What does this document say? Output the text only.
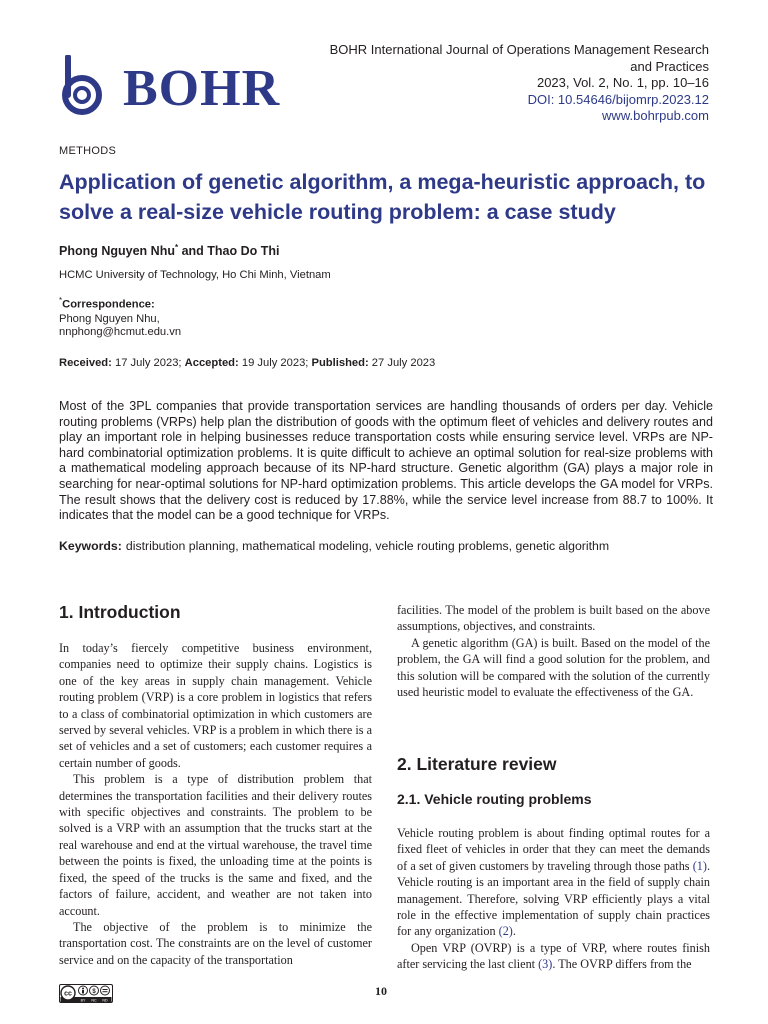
BOHR
BOHR International Journal of Operations Management Research
and Practices
2023, Vol. 2, No. 1, pp. 10–16
DOI: 10.54646/bijomrp.2023.12
www.bohrpub.com
METHODS
Application of genetic algorithm, a mega-heuristic approach, to solve a real-size vehicle routing problem: a case study
Phong Nguyen Nhu* and Thao Do Thi
HCMC University of Technology, Ho Chi Minh, Vietnam
*Correspondence:
Phong Nguyen Nhu,
nnphong@hcmut.edu.vn
Received: 17 July 2023; Accepted: 19 July 2023; Published: 27 July 2023
Most of the 3PL companies that provide transportation services are handling thousands of orders per day. Vehicle routing problems (VRPs) help plan the distribution of goods with the optimum fleet of vehicles and delivery routes and play an important role in helping businesses reduce transportation costs while ensuring service level. VRPs are NP-hard combinatorial optimization problems. It is quite difficult to achieve an optimal solution for real-size problems with a mathematical modeling approach because of its NP-hard structure. Genetic algorithm (GA) plays a major role in searching for near-optimal solutions for NP-hard optimization problems. This article develops the GA model for VRPs. The result shows that the delivery cost is reduced by 17.88%, while the service level increase from 88.7 to 100%. It indicates that the model can be a good technique for VRPs.
Keywords: distribution planning, mathematical modeling, vehicle routing problems, genetic algorithm
1. Introduction

In today’s fiercely competitive business environment, companies need to optimize their supply chains. Logistics is one of the key areas in supply chain management. Vehicle routing problem (VRP) is a core problem in logistics that refers to a class of combinatorial optimization in which customers are served by several vehicles. VRP is a problem in which there is a set of vehicles and a set of customers; each customer requires a certain number of goods.

This problem is a type of distribution problem that determines the transportation facilities and their delivery routes with specific objectives and constraints. The problem to be solved is a VRP with an assumption that the trucks start at the real warehouse and end at the virtual warehouse, the travel time between the points is fixed, the unloading time at the points is fixed, the speed of the trucks is the same and fixed, and the factors of failure, accident, and weather are not taken into account.

The objective of the problem is to minimize the transportation cost. The constraints are on the level of customer service and on the capacity of the transportation

facilities. The model of the problem is built based on the above assumptions, objectives, and constraints.

A genetic algorithm (GA) is built. Based on the model of the problem, the GA will find a good solution for the problem, and this solution will be compared with the solution of the currently used heuristic model to evaluate the effectiveness of the GA.

2. Literature review
2.1. Vehicle routing problems

Vehicle routing problem is about finding optimal routes for a fixed fleet of vehicles in order that they can meet the demands of a set of given customers by traveling through those paths (1). Vehicle routing is an important area in the field of supply chain management. Therefore, solving VRP efficiently plays a vital role in the effective implementation of supply chain practices for any organization (2).

Open VRP (OVRP) is a type of VRP, where routes finish after servicing the last client (3). The OVRP differs from the

cc	$
BY NC ND
10
